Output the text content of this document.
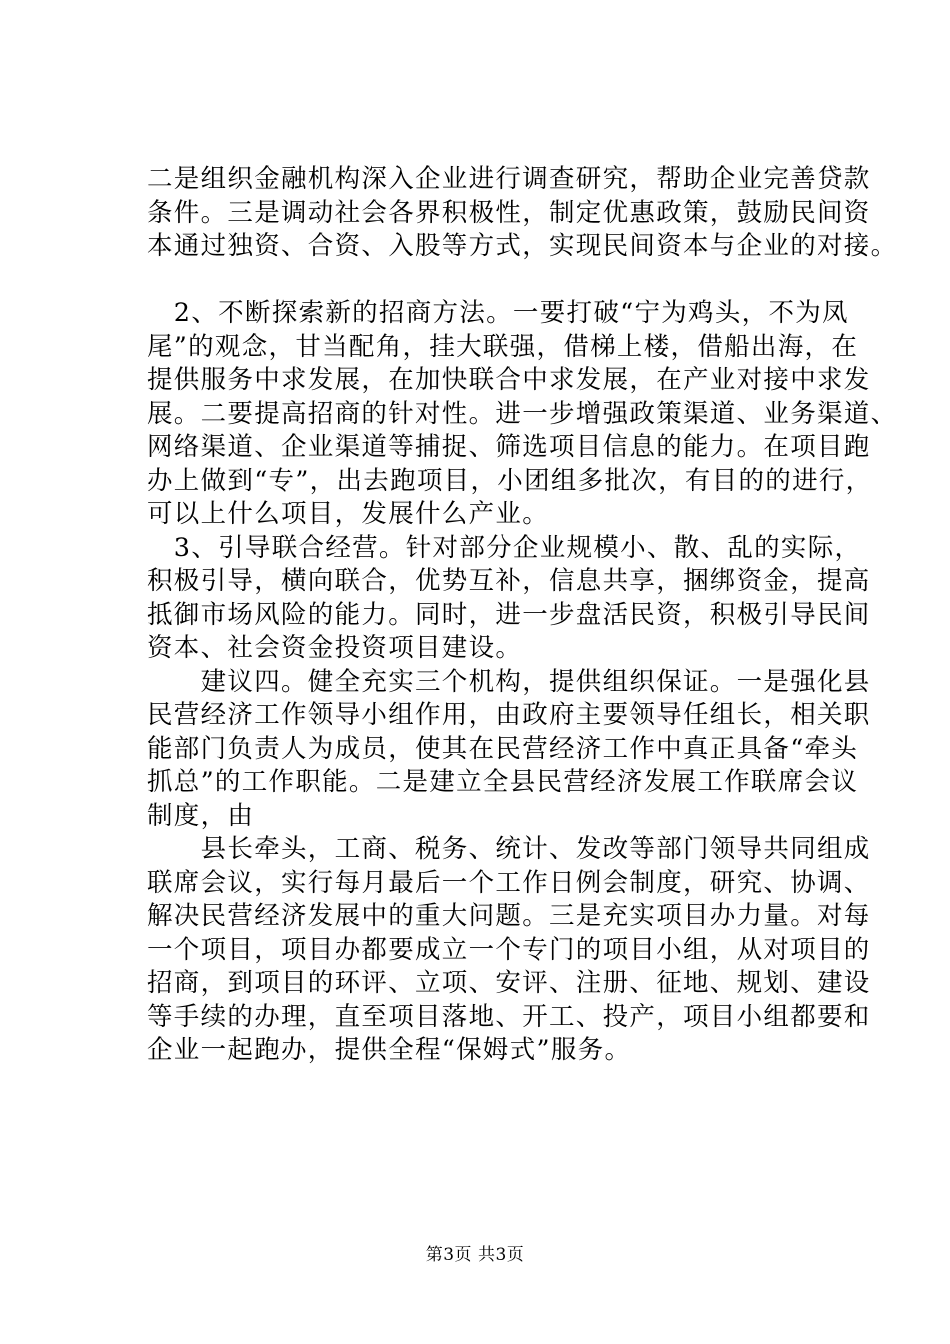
二是组织金融机构深入企业进行调查研究，帮助企业完善贷款
条件。三是调动社会各界积极性，制定优惠政策，鼓励民间资
本通过独资、合资、入股等方式，实现民间资本与企业的对接。
　2、不断探索新的招商方法。一要打破“宁为鸡头，不为凤
尾”的观念，甘当配角，挂大联强，借梯上楼，借船出海，在
提供服务中求发展，在加快联合中求发展，在产业对接中求发
展。二要提高招商的针对性。进一步增强政策渠道、业务渠道、
网络渠道、企业渠道等捕捉、筛选项目信息的能力。在项目跑
办上做到“专”，出去跑项目，小团组多批次，有目的的进行，
可以上什么项目，发展什么产业。
　3、引导联合经营。针对部分企业规模小、散、乱的实际，
积极引导，横向联合，优势互补，信息共享，捆绑资金，提高
抵御市场风险的能力。同时，进一步盘活民资，积极引导民间
资本、社会资金投资项目建设。
　　建议四。健全充实三个机构，提供组织保证。一是强化县
民营经济工作领导小组作用，由政府主要领导任组长，相关职
能部门负责人为成员，使其在民营经济工作中真正具备“牵头
抓总”的工作职能。二是建立全县民营经济发展工作联席会议
制度，由
　　县长牵头，工商、税务、统计、发改等部门领导共同组成
联席会议，实行每月最后一个工作日例会制度，研究、协调、
解决民营经济发展中的重大问题。三是充实项目办力量。对每
一个项目，项目办都要成立一个专门的项目小组，从对项目的
招商，到项目的环评、立项、安评、注册、征地、规划、建设
等手续的办理，直至项目落地、开工、投产，项目小组都要和
企业一起跑办，提供全程“保姆式”服务。
第3页 共3页
